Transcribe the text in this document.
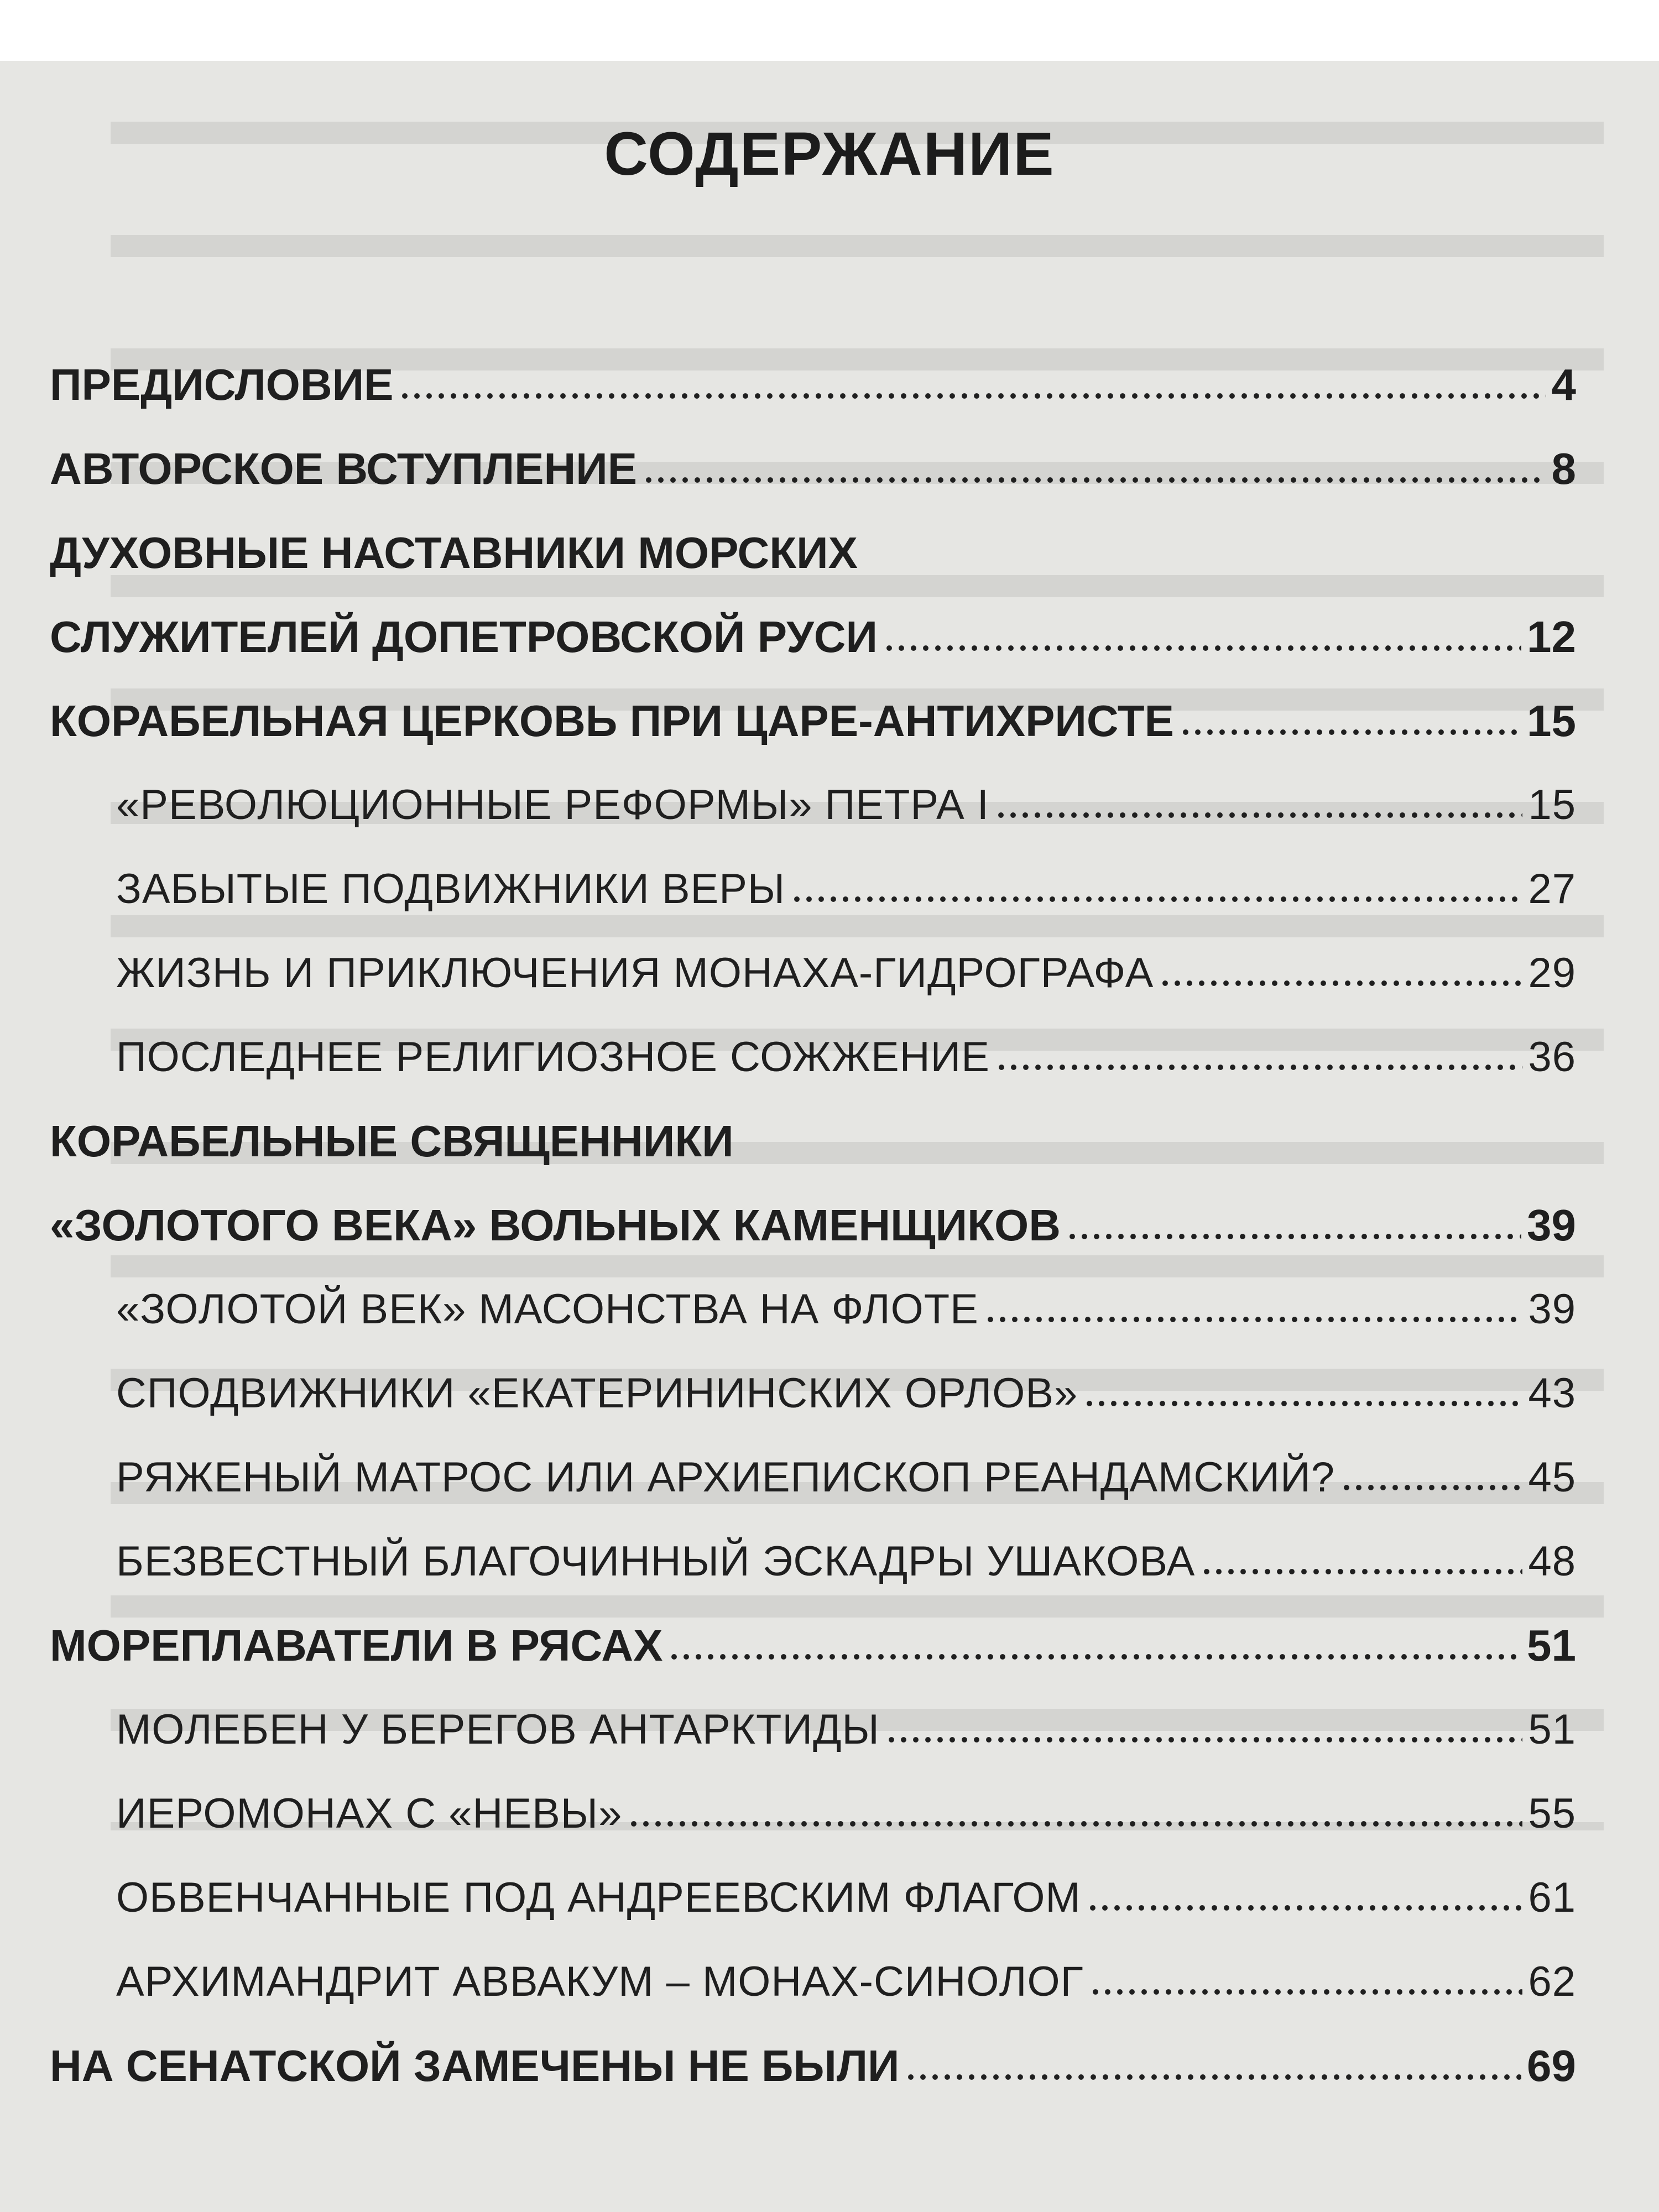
СОДЕРЖАНИЕ
ПРЕДИСЛОВИЕ	4
АВТОРСКОЕ ВСТУПЛЕНИЕ	8
ДУХОВНЫЕ НАСТАВНИКИ МОРСКИХ
СЛУЖИТЕЛЕЙ ДОПЕТРОВСКОЙ РУСИ	12
КОРАБЕЛЬНАЯ ЦЕРКОВЬ ПРИ ЦАРЕ-АНТИХРИСТЕ	15
«РЕВОЛЮЦИОННЫЕ РЕФОРМЫ» ПЕТРА I	15
ЗАБЫТЫЕ ПОДВИЖНИКИ ВЕРЫ	27
ЖИЗНЬ И ПРИКЛЮЧЕНИЯ МОНАХА-ГИДРОГРАФА	29
ПОСЛЕДНЕЕ РЕЛИГИОЗНОЕ СОЖЖЕНИЕ	36
КОРАБЕЛЬНЫЕ СВЯЩЕННИКИ
«ЗОЛОТОГО ВЕКА» ВОЛЬНЫХ КАМЕНЩИКОВ	39
«ЗОЛОТОЙ ВЕК» МАСОНСТВА НА ФЛОТЕ	39
СПОДВИЖНИКИ «ЕКАТЕРИНИНСКИХ ОРЛОВ»	43
РЯЖЕНЫЙ МАТРОС ИЛИ АРХИЕПИСКОП РЕАНДАМСКИЙ?	45
БЕЗВЕСТНЫЙ БЛАГОЧИННЫЙ ЭСКАДРЫ УШАКОВА	48
МОРЕПЛАВАТЕЛИ В РЯСАХ	51
МОЛЕБЕН У БЕРЕГОВ АНТАРКТИДЫ	51
ИЕРОМОНАХ С «НЕВЫ»	55
ОБВЕНЧАННЫЕ ПОД АНДРЕЕВСКИМ ФЛАГОМ	61
АРХИМАНДРИТ АВВАКУМ – МОНАХ-СИНОЛОГ	62
НА СЕНАТСКОЙ ЗАМЕЧЕНЫ НЕ БЫЛИ	69
